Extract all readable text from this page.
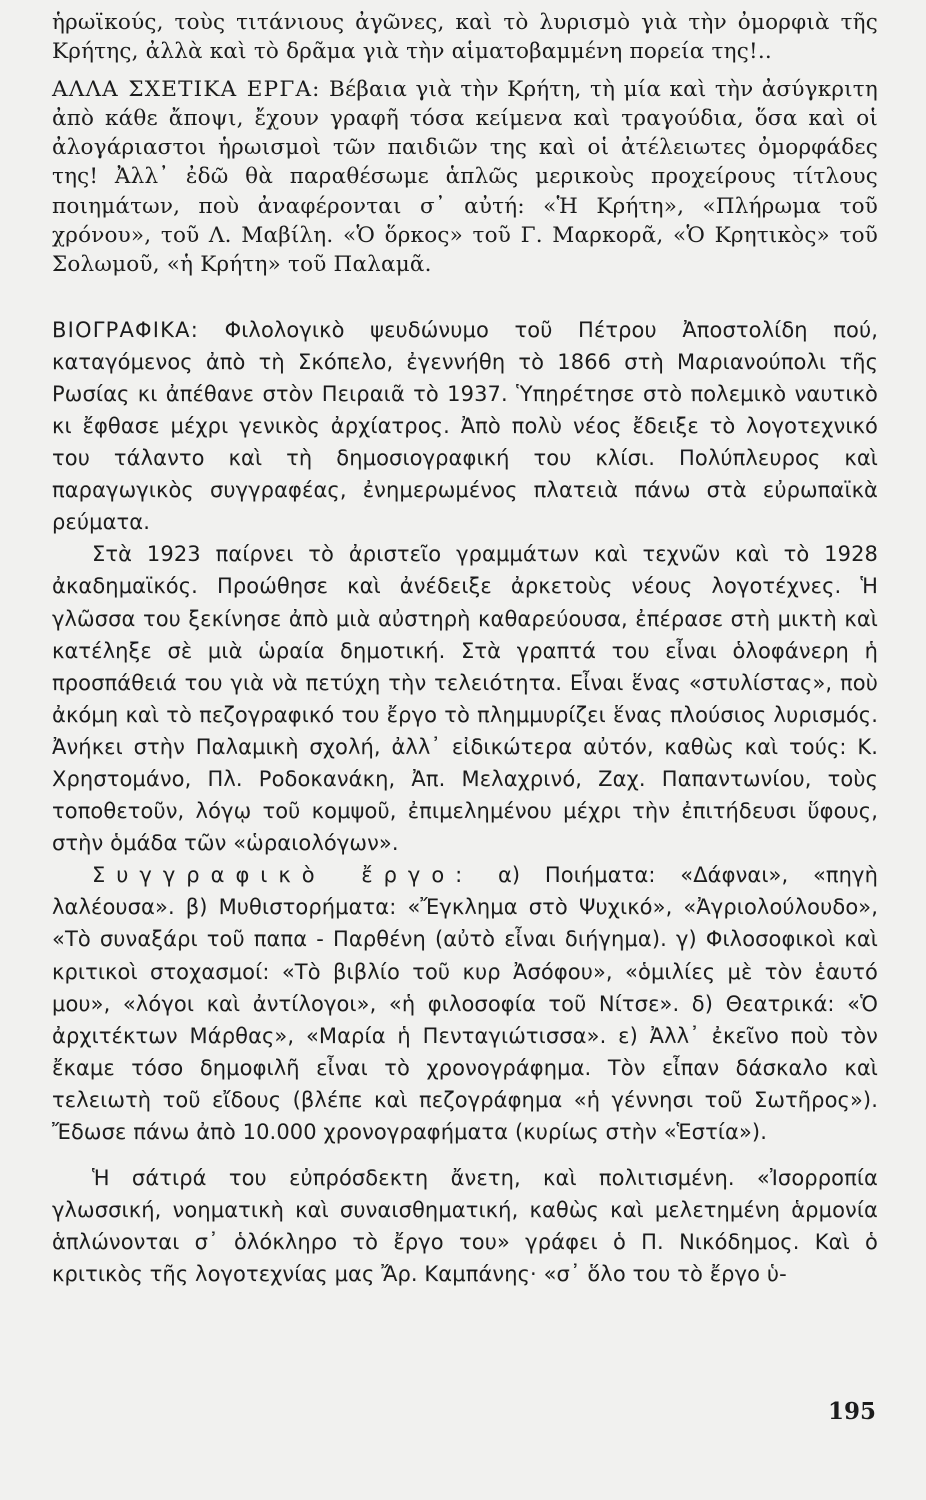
ἡρωϊκούς, τοὺς τιτάνιους ἀγῶνες, καὶ τὸ λυρισμὸ γιὰ τὴν ὀμορφιὰ τῆς Κρήτης, ἀλλὰ καὶ τὸ δρᾶμα γιὰ τὴν αἱματοβαμμένη πορεία της!..

ΑΛΛΑ ΣΧΕΤΙΚΑ ΕΡΓΑ: Βέβαια γιὰ τὴν Κρήτη, τὴ μία καὶ τὴν ἀσύγκριτη ἀπὸ κάθε ἄποψι, ἔχουν γραφῆ τόσα κείμενα καὶ τραγούδια, ὅσα καὶ οἱ ἀλογάριαστοι ἡρωισμοὶ τῶν παιδιῶν της καὶ οἱ ἀτέλειωτες ὀμορφάδες της! Ἀλλ᾽ ἐδῶ θὰ παραθέσωμε ἁπλῶς μερικοὺς προχείρους τίτλους ποιημάτων, ποὺ ἀναφέρονται σ᾽ αὐτή: «Ἡ Κρήτη», «Πλήρωμα τοῦ χρόνου», τοῦ Λ. Μαβίλη. «Ὁ ὅρκος» τοῦ Γ. Μαρκορᾶ, «Ὁ Κρητικὸς» τοῦ Σολωμοῦ, «ἡ Κρήτη» τοῦ Παλαμᾶ.

ΒΙΟΓΡΑΦΙΚΑ: Φιλολογικὸ ψευδώνυμο τοῦ Πέτρου Ἀποστολίδη πού, καταγόμενος ἀπὸ τὴ Σκόπελο, ἐγεννήθη τὸ 1866 στὴ Μαριανούπολι τῆς Ρωσίας κι ἀπέθανε στὸν Πειραιᾶ τὸ 1937. Ὑπηρέτησε στὸ πολεμικὸ ναυτικὸ κι ἔφθασε μέχρι γενικὸς ἀρχίατρος. Ἀπὸ πολὺ νέος ἔδειξε τὸ λογοτεχνικό του τάλαντο καὶ τὴ δημοσιογραφική του κλίσι. Πολύπλευρος καὶ παραγωγικὸς συγγραφέας, ἐνημερωμένος πλατειὰ πάνω στὰ εὐρωπαϊκὰ ρεύματα.

Στὰ 1923 παίρνει τὸ ἀριστεῖο γραμμάτων καὶ τεχνῶν καὶ τὸ 1928 ἀκαδημαϊκός. Προώθησε καὶ ἀνέδειξε ἀρκετοὺς νέους λογοτέχνες. Ἡ γλῶσσα του ξεκίνησε ἀπὸ μιὰ αὐστηρὴ καθαρεύουσα, ἐπέρασε στὴ μικτὴ καὶ κατέληξε σὲ μιὰ ὡραία δημοτική. Στὰ γραπτά του εἶναι ὁλοφάνερη ἡ προσπάθειά του γιὰ νὰ πετύχη τὴν τελειότητα. Εἶναι ἕνας «στυλίστας», ποὺ ἀκόμη καὶ τὸ πεζογραφικό του ἔργο τὸ πλημμυρίζει ἕνας πλούσιος λυρισμός. Ἀνήκει στὴν Παλαμικὴ σχολή, ἀλλ᾽ εἰδικώτερα αὐτόν, καθὼς καὶ τούς: Κ. Χρηστομάνο, Πλ. Ροδοκανάκη, Ἀπ. Μελαχρινό, Ζαχ. Παπαντωνίου, τοὺς τοποθετοῦν, λόγῳ τοῦ κομψοῦ, ἐπιμελημένου μέχρι τὴν ἐπιτήδευσι ὕφους, στὴν ὁμάδα τῶν «ὡραιολόγων».

Συγγραφικὸ ἔργο: α) Ποιήματα: «Δάφναι», «πηγὴ λαλέουσα». β) Μυθιστορήματα: «Ἔγκλημα στὸ Ψυχικό», «Ἀγριολούλουδο», «Τὸ συναξάρι τοῦ παπα - Παρθένη (αὐτὸ εἶναι διήγημα). γ) Φιλοσοφικοὶ καὶ κριτικοὶ στοχασμοί: «Τὸ βιβλίο τοῦ κυρ Ἀσόφου», «ὁμιλίες μὲ τὸν ἑαυτό μου», «λόγοι καὶ ἀντίλογοι», «ἡ φιλοσοφία τοῦ Νίτσε». δ) Θεατρικά: «Ὁ ἀρχιτέκτων Μάρθας», «Μαρία ἡ Πενταγιώτισσα». ε) Ἀλλ᾽ ἐκεῖνο ποὺ τὸν ἔκαμε τόσο δημοφιλῆ εἶναι τὸ χρονογράφημα. Τὸν εἶπαν δάσκαλο καὶ τελειωτὴ τοῦ εἴδους (βλέπε καὶ πεζογράφημα «ἡ γέννησι τοῦ Σωτῆρος»). Ἔδωσε πάνω ἀπὸ 10.000 χρονογραφήματα (κυρίως στὴν «Ἑστία»).

Ἡ σάτιρά του εὐπρόσδεκτη ἄνετη, καὶ πολιτισμένη. «Ἰσορροπία γλωσσική, νοηματικὴ καὶ συναισθηματική, καθὼς καὶ μελετημένη ἁρμονία ἁπλώνονται σ᾽ ὁλόκληρο τὸ ἔργο του» γράφει ὁ Π. Νικόδημος. Καὶ ὁ κριτικὸς τῆς λογοτεχνίας μας Ἄρ. Καμπάνης· «σ᾽ ὅλο του τὸ ἔργο ὑ-

195
